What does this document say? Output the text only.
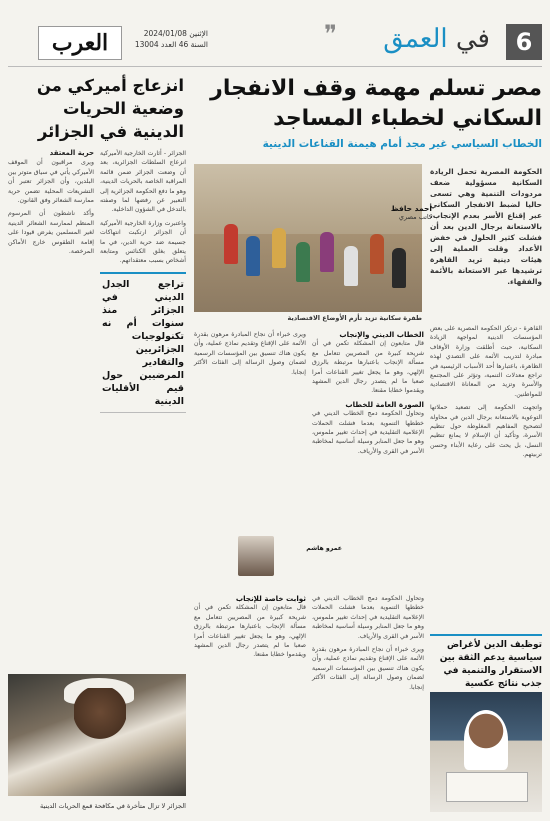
العرب	الإثنين 2024/01/08
السنة 46 العدد 13004	❞	في العمق	6
انزعاج أميركي من وضعية الحريات الدينية في الجزائر

الجزائر - أثارت الخارجية الأميركية انزعاج السلطات الجزائرية، بعد أن وضعت الجزائر ضمن قائمة المراقبة الخاصة بالحريات الدينية، وهو ما دفع الحكومة الجزائرية إلى التعبير عن رفضها لما وصفته بالتدخل في الشؤون الداخلية.

واعتبرت وزارة الخارجية الأميركية أن الجزائر ارتكبت انتهاكات جسيمة ضد حرية الدين، في ما يتعلق بغلق الكنائس ومتابعة أشخاص بسبب معتقداتهم.

تراجع الجدل الديني في الجزائر منذ سنوات أم نه تكنولوجيات الجزائريين والتقادير المرضيين حول قيم الأقليات الدينية
حرية المعتقد

ويرى مراقبون أن الموقف الأميركي يأتي في سياق متوتر بين البلدين، وأن الجزائر تعتبر أن التشريعات المحلية تضمن حرية ممارسة الشعائر وفق القانون.

وأكد ناشطون أن المرسوم المنظم لممارسة الشعائر الدينية لغير المسلمين يفرض قيودا على إقامة الطقوس خارج الأماكن المرخصة.

الجزائر لا تزال متأخرة في مكافحة قمع الحريات الدينية
مصر تسلم مهمة وقف الانفجار السكاني لخطباء المساجد
الخطاب السياسي غير مجد أمام هيمنة القناعات الدينية
الحكومة المصرية تحمل الريادة السكانية مسؤولية ضعف مردودات التنمية وهي تسعى حاليا لضبط الانفجار السكاني عبر إقناع الأسر بعدم الإنجاب، بالاستعانة برجال الدين بعد أن فشلت كثير الحلول في خفض الأعداد وقلت العملية إلى هيئات دينية تريد القاهرة ترشيدها عبر الاستعانة بالأئمة والفقهاء.
طفرة سكانية تزيد تأزم الأوضاع الاقتصادية
أحمد حافظ
كاتب مصري

القاهرة - ترتكز الحكومة المصرية على بعض المؤسسات الدينية لمواجهة الزيادة السكانية، حيث أطلقت وزارة الأوقاف مبادرة لتدريب الأئمة على التصدي لهذه الظاهرة، باعتبارها أحد الأسباب الرئيسية في تراجع معدلات التنمية، وتؤثر على المجتمع والأسرة وتزيد من المعاناة الاقتصادية للمواطنين.

واتجهت الحكومة إلى تصعيد حملاتها التوعوية بالاستعانة برجال الدين في محاولة لتصحيح المفاهيم المغلوطة حول تنظيم الأسرة، وتأكيد أن الإسلام لا يمانع تنظيم النسل، بل يحث على رعاية الأبناء وحسن تربيتهم.

الخطاب الديني والإنجاب

قال متابعون إن المشكلة تكمن في أن شريحة كبيرة من المصريين تتعامل مع مسألة الإنجاب باعتبارها مرتبطة بالرزق الإلهي، وهو ما يجعل تغيير القناعات أمرا صعبا ما لم يتصدر رجال الدين المشهد ويقدموا خطابا مقنعا.

الصورة العامة للخطاب

وتحاول الحكومة دمج الخطاب الديني في خططها التنموية بعدما فشلت الحملات الإعلامية التقليدية في إحداث تغيير ملموس، وهو ما جعل المنابر وسيلة أساسية لمخاطبة الأسر في القرى والأرياف.

عمرو هاشم

ويرى خبراء أن نجاح المبادرة مرهون بقدرة الأئمة على الإقناع وتقديم نماذج عملية، وأن يكون هناك تنسيق بين المؤسسات الرسمية لضمان وصول الرسالة إلى الفئات الأكثر إنجابا.

ثوابت خاصة للإنجاب

قال متابعون إن المشكلة تكمن في أن شريحة كبيرة من المصريين تتعامل مع مسألة الإنجاب باعتبارها مرتبطة بالرزق الإلهي، وهو ما يجعل تغيير القناعات أمرا صعبا ما لم يتصدر رجال الدين المشهد ويقدموا خطابا مقنعا.

وتحاول الحكومة دمج الخطاب الديني في خططها التنموية بعدما فشلت الحملات الإعلامية التقليدية في إحداث تغيير ملموس، وهو ما جعل المنابر وسيلة أساسية لمخاطبة الأسر في القرى والأرياف.

ويرى خبراء أن نجاح المبادرة مرهون بقدرة الأئمة على الإقناع وتقديم نماذج عملية، وأن يكون هناك تنسيق بين المؤسسات الرسمية لضمان وصول الرسالة إلى الفئات الأكثر إنجابا.

توظيف الدين لأغراض سياسية يدعم الثقة بين الاستقرار والتنمية في جذب نتائج عكسية
